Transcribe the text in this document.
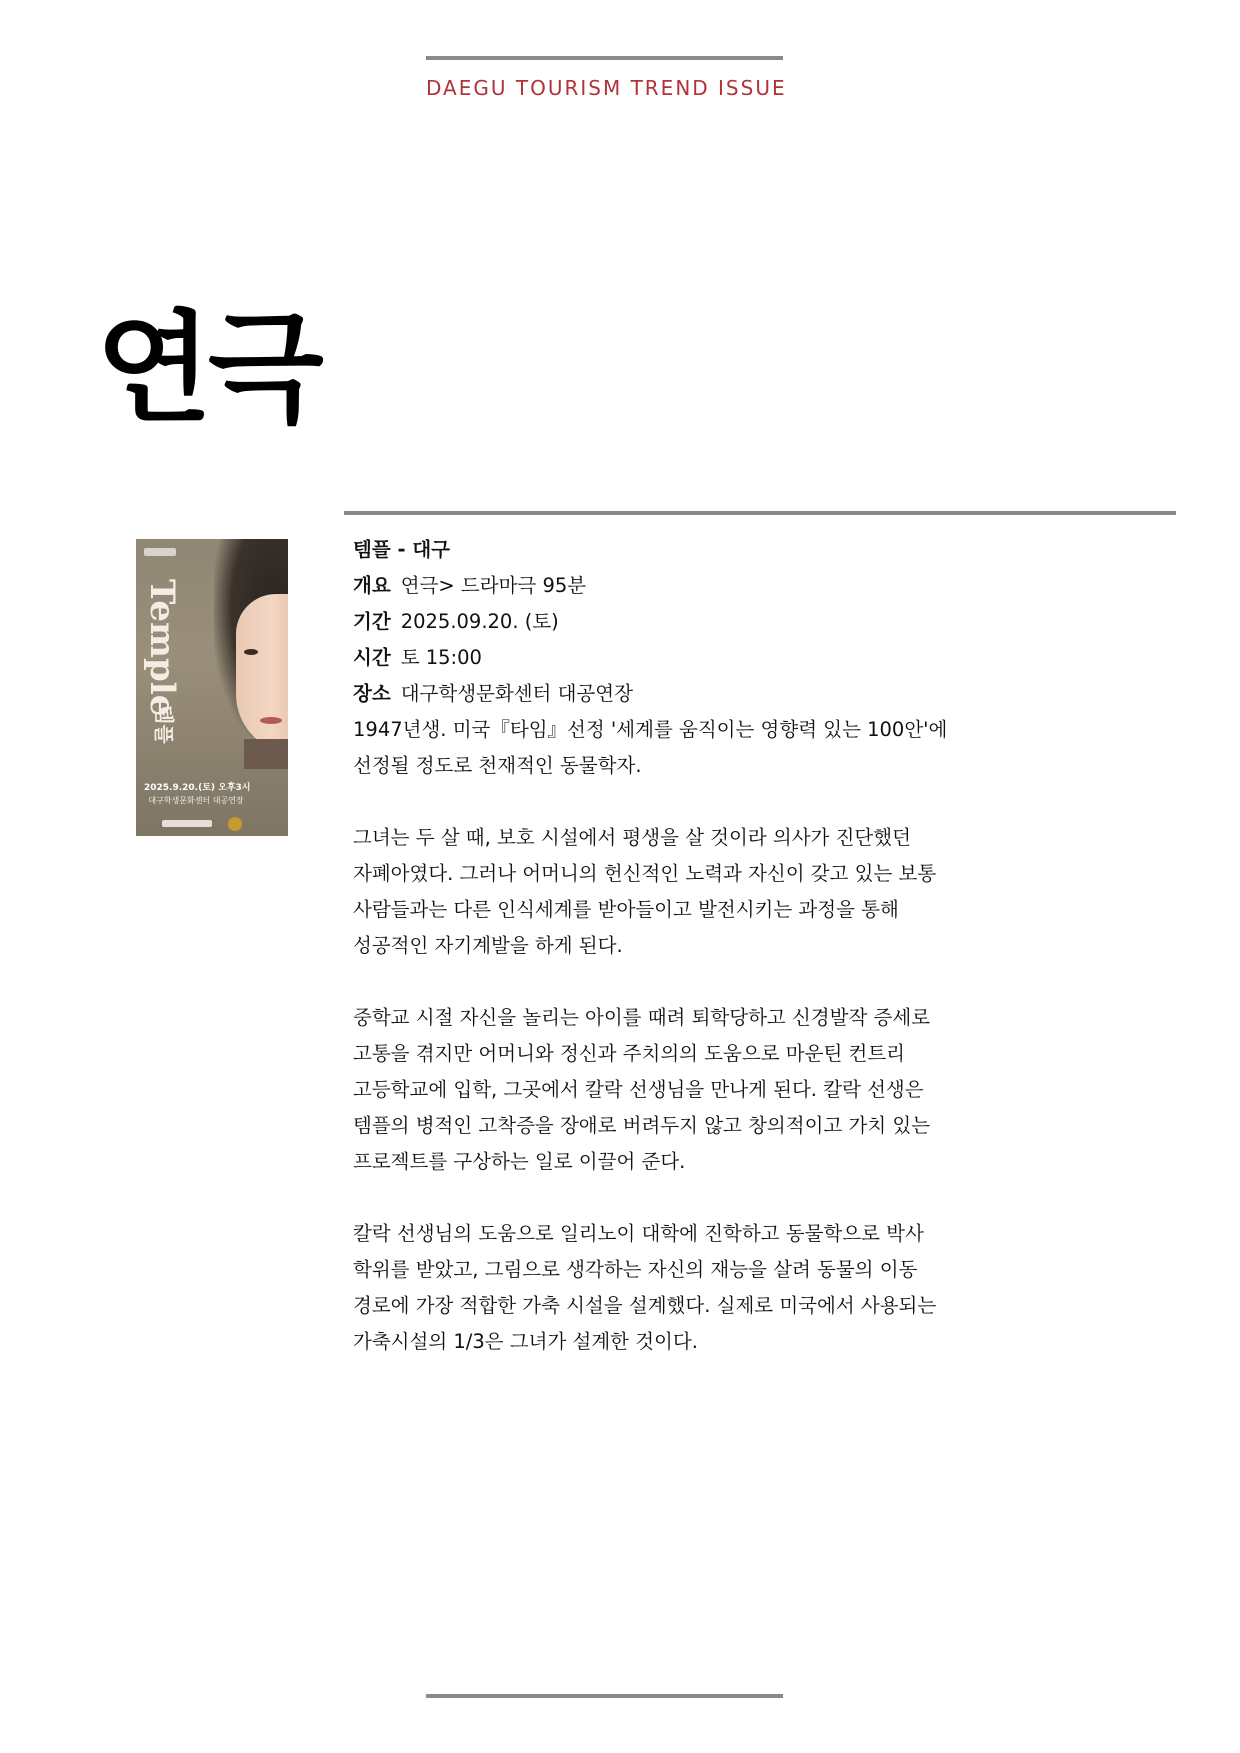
DAEGU TOURISM TREND ISSUE
연극
Temple
템플
2025.9.20.(토) 오후3시
대구학생문화센터 대공연장
템플 - 대구
개요 연극> 드라마극 95분
기간 2025.09.20. (토)
시간 토 15:00
장소 대구학생문화센터 대공연장

1947년생. 미국『타임』선정 '세계를 움직이는 영향력 있는 100안'에
선정될 정도로 천재적인 동물학자.

그녀는 두 살 때, 보호 시설에서 평생을 살 것이라 의사가 진단했던
자폐아였다. 그러나 어머니의 헌신적인 노력과 자신이 갖고 있는 보통
사람들과는 다른 인식세계를 받아들이고 발전시키는 과정을 통해
성공적인 자기계발을 하게 된다.

중학교 시절 자신을 놀리는 아이를 때려 퇴학당하고 신경발작 증세로
고통을 겪지만 어머니와 정신과 주치의의 도움으로 마운틴 컨트리
고등학교에 입학, 그곳에서 칼락 선생님을 만나게 된다. 칼락 선생은
템플의 병적인 고착증을 장애로 버려두지 않고 창의적이고 가치 있는
프로젝트를 구상하는 일로 이끌어 준다.

칼락 선생님의 도움으로 일리노이 대학에 진학하고 동물학으로 박사
학위를 받았고, 그림으로 생각하는 자신의 재능을 살려 동물의 이동
경로에 가장 적합한 가축 시설을 설계했다. 실제로 미국에서 사용되는
가축시설의 1/3은 그녀가 설계한 것이다.
